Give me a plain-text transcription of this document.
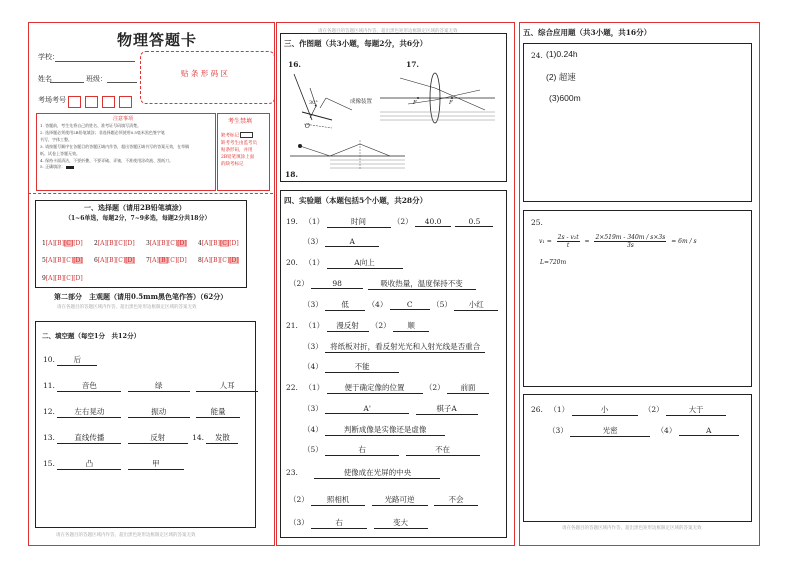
物理答题卡
学校：
姓名	班级：
考场考号
贴 条 形 码 区
注意事项
1. 答题前，考生先将自己的姓名、准考证号码填写清楚。
2. 选择题必须使用2B铅笔填涂；非选择题必须使用0.5毫米黑色签字笔
书写，字体工整。
3. 请按题号顺序在各题目的答题区域内作答，超出答题区域书写的答案无效，在草稿
纸、试卷上答题无效。
4. 保持卡面清洁，不要折叠、不要弄破、弄皱，不准使用涂改液、刮纸刀。
5. 正确填涂：
考生禁填
缺考标记
缺考考生由监考员
贴条形码，并用
2B铅笔填涂上面
的缺考标记
一、选择题（请用2B铅笔填涂）
（1~6单选，每题2分，7~9多选，每题2分共18分）
1[A][B][C][D] 2[A][B][C][D] 3[A][B][C][D] 4[A][B][C][D]
5[A][B][C][D] 6[A][B][C][D] 7[A][B][C][D] 8[A][B][C][D]
9[A][B][C][D]
第二部分　主观题（请用0.5mm黑色笔作答）（62分）
请在各题目的答题区域内作答，超出黑色矩形边框限定区域的答案无效
二、填空题（每空1分　共12分）
10. 后
11.	音色	绿	人耳
12.	左右晃动	振动	能量
13.	直线传播	反射	14. 发散
15.	凸	甲
请在各题目的答题区域内作答，超出黑色矩形边框限定区域的答案无效
请在各题目的答题区域内作答，超出黑色矩形边框限定区域的答案无效
三、作图题（共3小题，每题2分，共6分）
16.	17.
18.
30°
O
成像装置	F	F
四、实验题（本题包括5个小题，共28分）
19. （1）	时间	（2） 40.0	0.5
（3）	A
20. （1）	A向上
（2）	98	吸收热量，温度保持不变
（3） 低 （4）	C	（5） 小红
21. （1） 漫反射 （2） 顺
（3） 将纸板对折，看反射光光和入射光线是否重合
（4）	不能
22. （1）	便于确定像的位置	（2） 前面
（3）	A'	棋子A
（4）	判断成像是实像还是虚像
（5）	右	不在
23.	使像成在光屏的中央
（2） 照相机	光路可逆	不会
（3）	右	变大
五、综合应用题（共3小题，共16分）
24. (1)0.24h
(2) 超速
(3)600m
25.
$v_1 = \frac{\text{2s - v₂t}}{t} = \frac{2\times 519m - 340m / s\times 3s}{3s} = 6m / s$
L=720m
26. （1）	小	（2）	大于
（3）	光密	（4）	A
请在各题目的答题区域内作答，超出黑色矩形边框限定区域的答案无效
